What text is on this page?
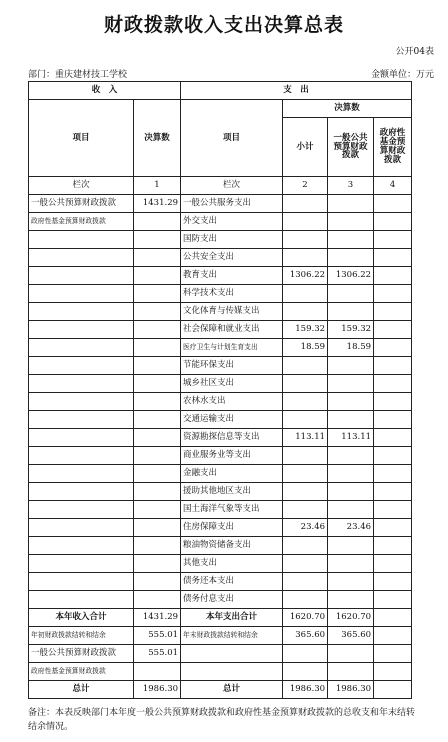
财政拨款收入支出决算总表
公开04表
部门：重庆建材技工学校	金额单位：万元
收　入		支　出			
项目	决算数	项目	决算数		
			小计	一般公共预算财政拨款	政府性基金预算财政拨款
栏次	1	栏次	2	3	4
一般公共预算财政拨款	1431.29	一般公共服务支出			
政府性基金预算财政拨款		外交支出			
		国防支出			
		公共安全支出			
		教育支出	1306.22	1306.22	
		科学技术支出			
		文化体育与传媒支出			
		社会保障和就业支出	159.32	159.32	
		医疗卫生与计划生育支出	18.59	18.59	
		节能环保支出			
		城乡社区支出			
		农林水支出			
		交通运输支出			
		资源勘探信息等支出	113.11	113.11	
		商业服务业等支出			
		金融支出			
		援助其他地区支出			
		国土海洋气象等支出			
		住房保障支出	23.46	23.46	
		粮油物资储备支出			
		其他支出			
		债务还本支出			
		债务付息支出			
本年收入合计	1431.29	本年支出合计	1620.70	1620.70	
年初财政拨款结转和结余	555.01	年末财政拨款结转和结余	365.60	365.60	
一般公共预算财政拨款	555.01				
政府性基金预算财政拨款					
总计	1986.30	总计	1986.30	1986.30	
备注：本表反映部门本年度一般公共预算财政拨款和政府性基金预算财政拨款的总收支和年末结转结余情况。
